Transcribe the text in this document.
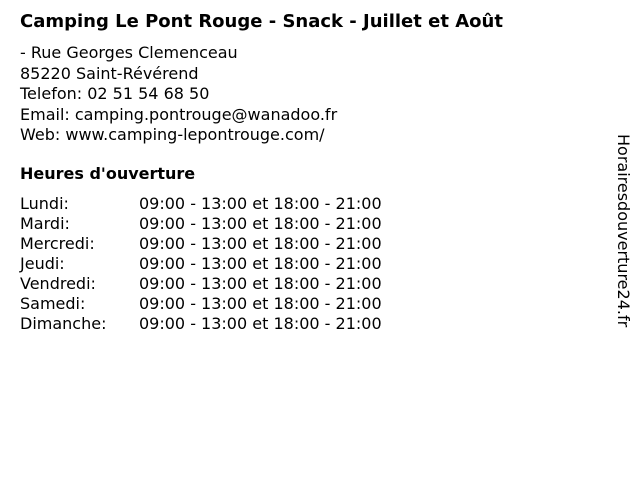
Camping Le Pont Rouge - Snack - Juillet et Août
- Rue Georges Clemenceau
85220 Saint-Révérend
Telefon: 02 51 54 68 50
Email: camping.pontrouge@wanadoo.fr
Web: www.camping-lepontrouge.com/
Heures d'ouverture
Lundi:	09:00 - 13:00 et 18:00 - 21:00
Mardi:	09:00 - 13:00 et 18:00 - 21:00
Mercredi:	09:00 - 13:00 et 18:00 - 21:00
Jeudi:	09:00 - 13:00 et 18:00 - 21:00
Vendredi:	09:00 - 13:00 et 18:00 - 21:00
Samedi:	09:00 - 13:00 et 18:00 - 21:00
Dimanche:	09:00 - 13:00 et 18:00 - 21:00	Horairesdouverture24.fr
